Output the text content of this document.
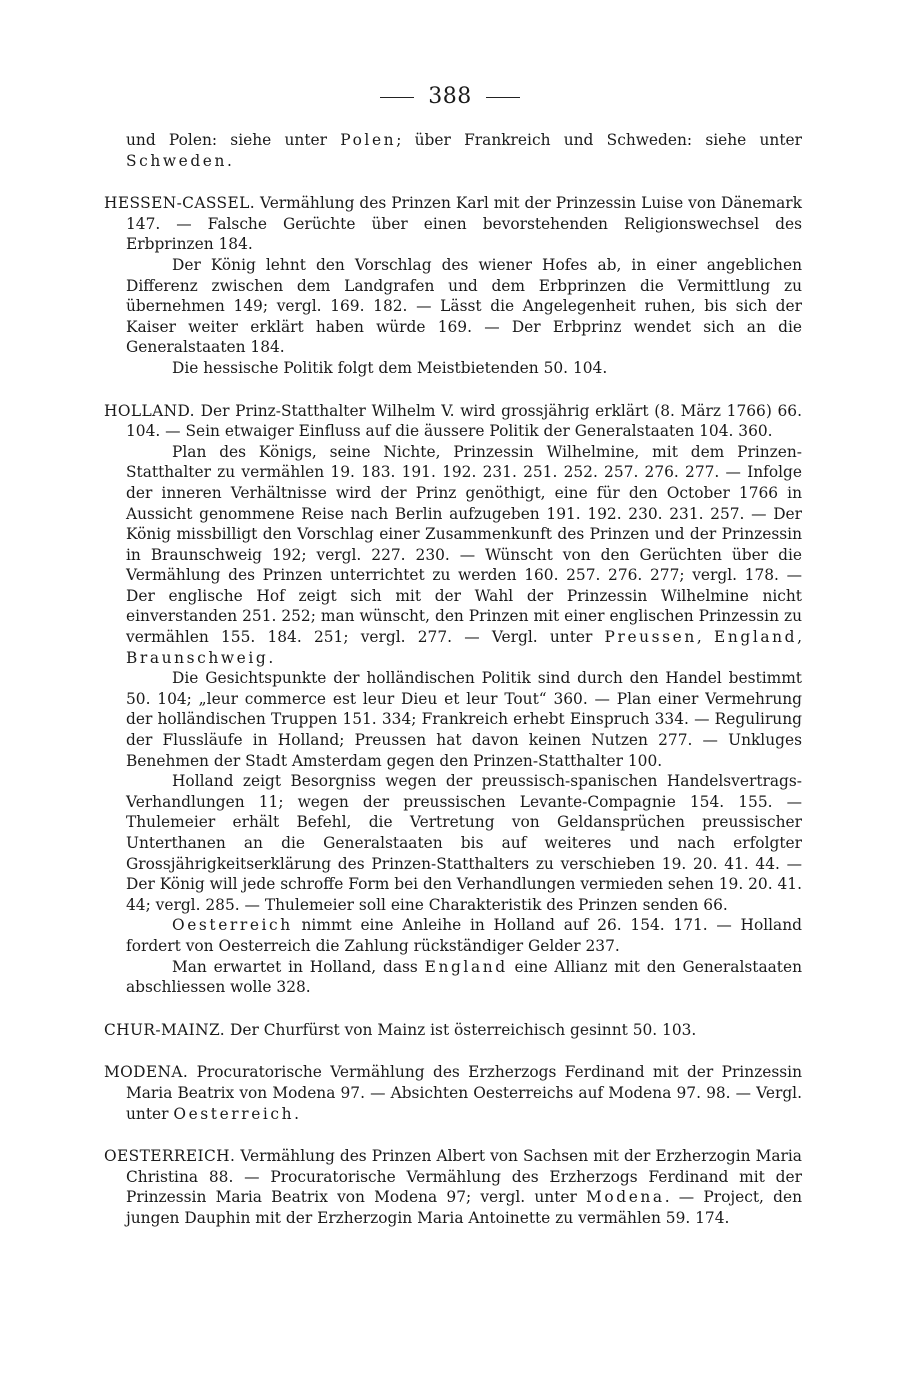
388

und Polen: siehe unter Polen; über Frankreich und Schweden: siehe unter Schweden.

HESSEN-CASSEL. Vermählung des Prinzen Karl mit der Prinzessin Luise von Dänemark 147. — Falsche Gerüchte über einen bevorstehenden Religionswechsel des Erbprinzen 184.

Der König lehnt den Vorschlag des wiener Hofes ab, in einer angeblichen Differenz zwischen dem Landgrafen und dem Erbprinzen die Vermittlung zu übernehmen 149; vergl. 169. 182. — Lässt die Angelegenheit ruhen, bis sich der Kaiser weiter erklärt haben würde 169. — Der Erbprinz wendet sich an die Generalstaaten 184.

Die hessische Politik folgt dem Meistbietenden 50. 104.

HOLLAND. Der Prinz-Statthalter Wilhelm V. wird grossjährig erklärt (8. März 1766) 66. 104. — Sein etwaiger Einfluss auf die äussere Politik der Generalstaaten 104. 360.

Plan des Königs, seine Nichte, Prinzessin Wilhelmine, mit dem Prinzen-Statthalter zu vermählen 19. 183. 191. 192. 231. 251. 252. 257. 276. 277. — Infolge der inneren Verhältnisse wird der Prinz genöthigt, eine für den October 1766 in Aussicht genommene Reise nach Berlin aufzugeben 191. 192. 230. 231. 257. — Der König missbilligt den Vorschlag einer Zusammenkunft des Prinzen und der Prinzessin in Braunschweig 192; vergl. 227. 230. — Wünscht von den Gerüchten über die Vermählung des Prinzen unterrichtet zu werden 160. 257. 276. 277; vergl. 178. — Der englische Hof zeigt sich mit der Wahl der Prinzessin Wilhelmine nicht einverstanden 251. 252; man wünscht, den Prinzen mit einer englischen Prinzessin zu vermählen 155. 184. 251; vergl. 277. — Vergl. unter Preussen, England, Braunschweig.

Die Gesichtspunkte der holländischen Politik sind durch den Handel bestimmt 50. 104; „leur commerce est leur Dieu et leur Tout“ 360. — Plan einer Vermehrung der holländischen Truppen 151. 334; Frankreich erhebt Einspruch 334. — Regulirung der Flussläufe in Holland; Preussen hat davon keinen Nutzen 277. — Unkluges Benehmen der Stadt Amsterdam gegen den Prinzen-Statthalter 100.

Holland zeigt Besorgniss wegen der preussisch-spanischen Handelsvertrags-Verhandlungen 11; wegen der preussischen Levante-Compagnie 154. 155. — Thulemeier erhält Befehl, die Vertretung von Geldansprüchen preussischer Unterthanen an die Generalstaaten bis auf weiteres und nach erfolgter Grossjährigkeitserklärung des Prinzen-Statthalters zu verschieben 19. 20. 41. 44. — Der König will jede schroffe Form bei den Verhandlungen vermieden sehen 19. 20. 41. 44; vergl. 285. — Thulemeier soll eine Charakteristik des Prinzen senden 66.

Oesterreich nimmt eine Anleihe in Holland auf 26. 154. 171. — Holland fordert von Oesterreich die Zahlung rückständiger Gelder 237.

Man erwartet in Holland, dass England eine Allianz mit den Generalstaaten abschliessen wolle 328.

CHUR-MAINZ. Der Churfürst von Mainz ist österreichisch gesinnt 50. 103.

MODENA. Procuratorische Vermählung des Erzherzogs Ferdinand mit der Prinzessin Maria Beatrix von Modena 97. — Absichten Oesterreichs auf Modena 97. 98. — Vergl. unter Oesterreich.

OESTERREICH. Vermählung des Prinzen Albert von Sachsen mit der Erzherzogin Maria Christina 88. — Procuratorische Vermählung des Erzherzogs Ferdinand mit der Prinzessin Maria Beatrix von Modena 97; vergl. unter Modena. — Project, den jungen Dauphin mit der Erzherzogin Maria Antoinette zu vermählen 59. 174.
